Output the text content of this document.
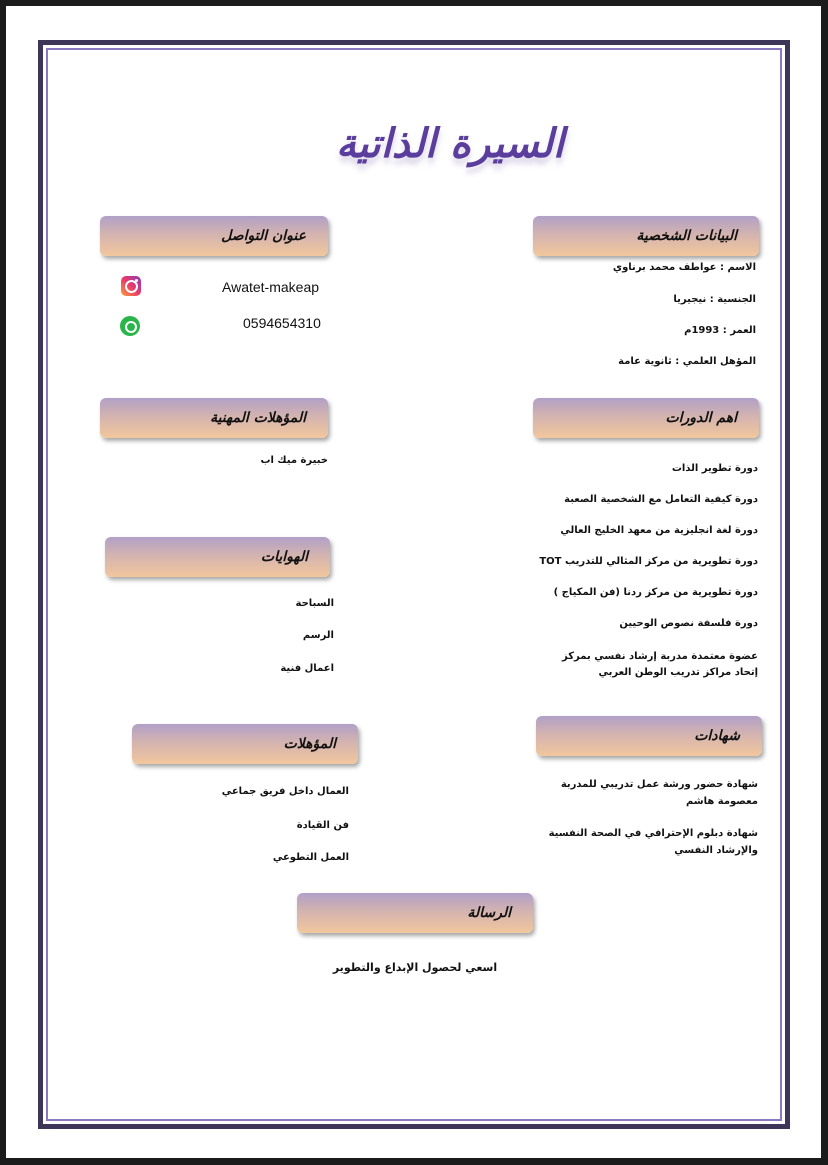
السيرة الذاتية
البيانات الشخصية
الاسم : عواطف محمد برناوي
الجنسية : نيجيريا
العمر : 1993م
المؤهل العلمي : ثانوية عامة
عنوان التواصل
Awatet-makeap
0594654310
اهم الدورات
دورة تطوير الذات
دورة كيفية التعامل مع الشخصية الصعبة
دورة لغة انجليزية من معهد الخليج العالي
دورة تطويرية من مركز المثالي للتدريب TOT
دورة تطويرية من مركز ردنا (فن المكياج )
دورة فلسفة نصوص الوحيين
عضوة معتمدة مدربة إرشاد نفسي بمركز إتحاد مراكز تدريب الوطن العربي
المؤهلات المهنية
خبيرة ميك اب
الهوايات
السباحة
الرسم
اعمال فنية
شهادات
شهادة حضور ورشة عمل تدريبي للمدربة معصومة هاشم
شهادة دبلوم الإحترافي في الصحة النفسية والإرشاد النفسي
المؤهلات
العمال داخل فريق جماعي
فن القيادة
العمل التطوعي
الرسالة
اسعي لحصول الإبداع والتطوير
